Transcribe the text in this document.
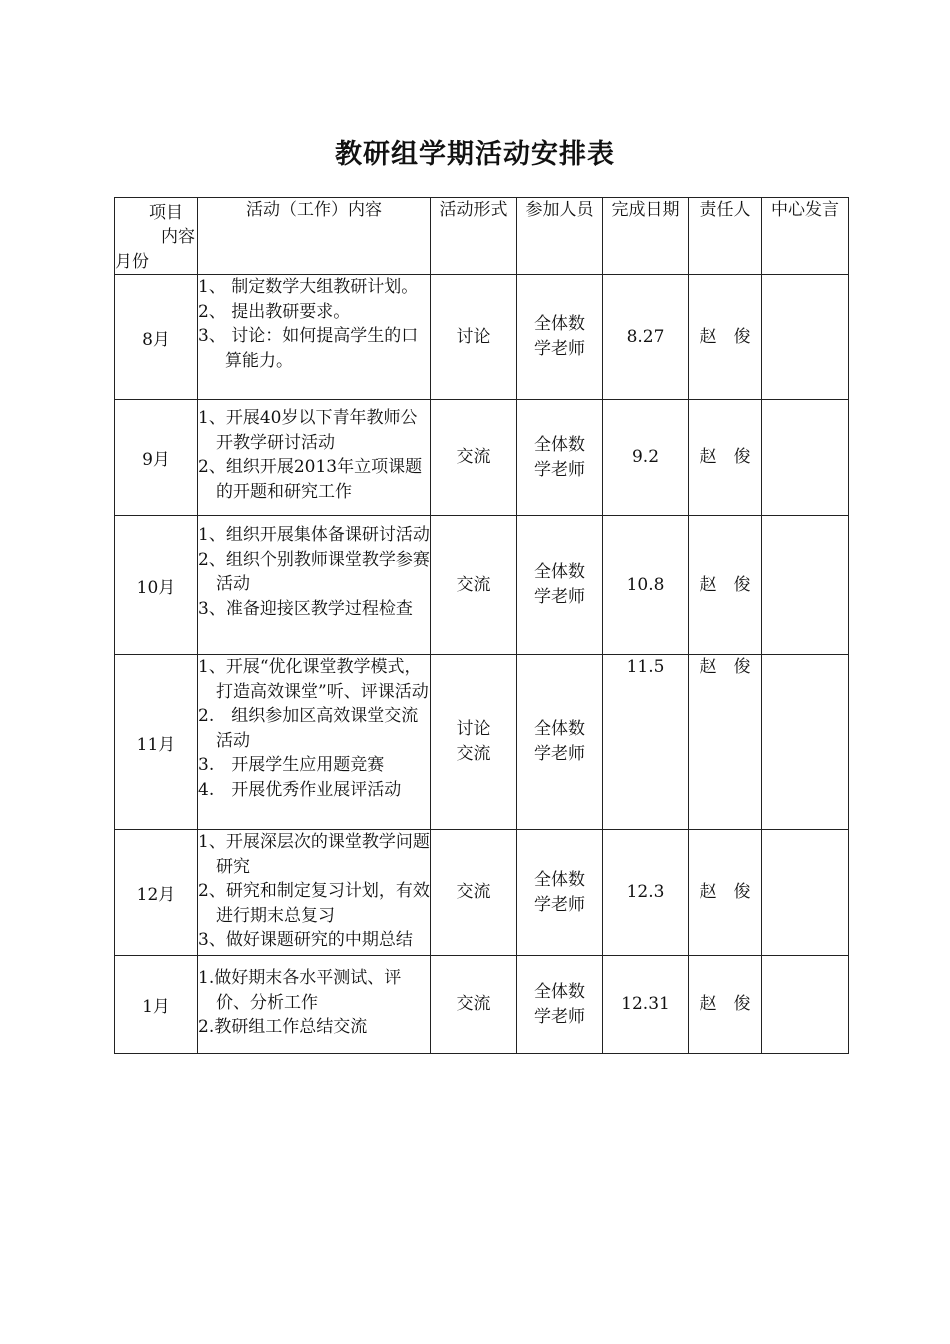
教研组学期活动安排表
项目
内容
月份	活动（工作）内容	活动形式	参加人员	完成日期	责任人	中心发言
8月	1、 制定数学大组教研计划。
2、 提出教研要求。
3、 讨论：如何提高学生的口算能力。	讨论	全体数学老师	8.27	赵　俊	
9月	1、开展40岁以下青年教师公开教学研讨活动
2、组织开展2013年立项课题的开题和研究工作	交流	全体数学老师	9.2	赵　俊	
10月	1、组织开展集体备课研讨活动
2、组织个别教师课堂教学参赛活动
3、准备迎接区教学过程检查	交流	全体数学老师	10.8	赵　俊	
11月	1、开展“优化课堂教学模式，打造高效课堂”听、评课活动
2.　组织参加区高效课堂交流活动
3.　开展学生应用题竞赛
4.　开展优秀作业展评活动	讨论交流	全体数学老师	11.5	赵　俊	
12月	1、开展深层次的课堂教学问题研究
2、研究和制定复习计划，有效进行期末总复习
3、做好课题研究的中期总结	交流	全体数学老师	12.3	赵　俊	
1月	1.做好期末各水平测试、评价、分析工作
2.教研组工作总结交流	交流	全体数学老师	12.31	赵　俊	
